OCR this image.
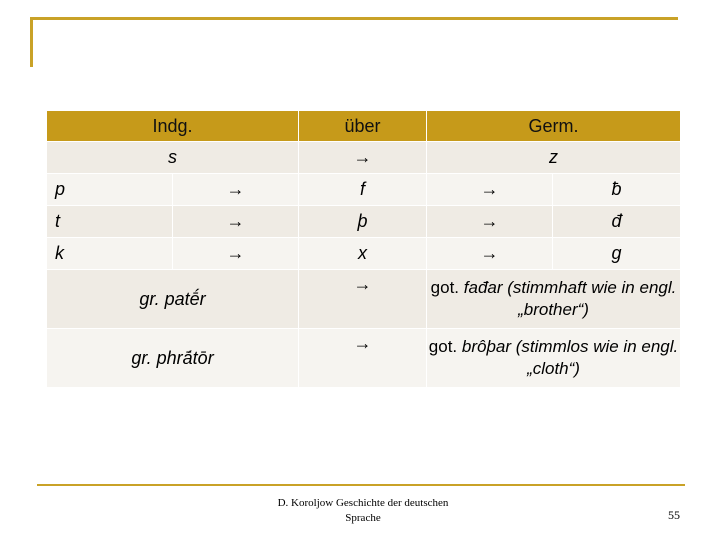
Indg.		über	Germ.	
s		→	z	
p	→	f	→	ƀ
t	→	þ	→	đ
k	→	x	→	g
gr. patḗr		→	got. fađar (stimmhaft wie in engl. „brother“)	
gr. phrā́tōr		→	got. brôþar (stimmlos wie in engl. „cloth“)	
D. Koroljow Geschichte der deutschen
Sprache	55
